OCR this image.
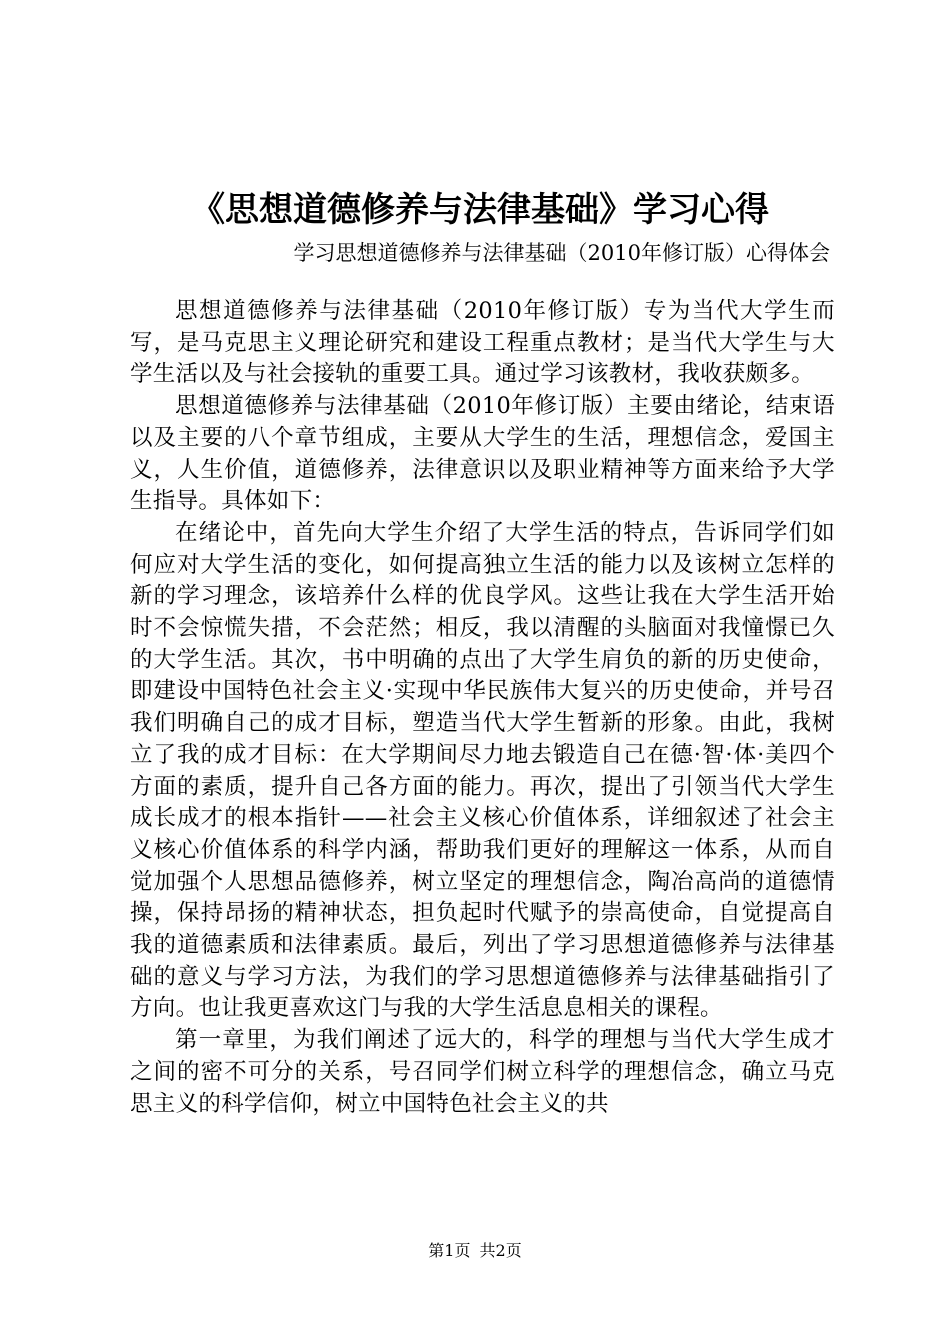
《思想道德修养与法律基础》学习心得

学习思想道德修养与法律基础（2010年修订版）心得体会

思想道德修养与法律基础（2010年修订版）专为当代大学生而写，是马克思主义理论研究和建设工程重点教材；是当代大学生与大学生活以及与社会接轨的重要工具。通过学习该教材，我收获颇多。

思想道德修养与法律基础（2010年修订版）主要由绪论，结束语以及主要的八个章节组成，主要从大学生的生活，理想信念，爱国主义，人生价值，道德修养，法律意识以及职业精神等方面来给予大学生指导。具体如下：

在绪论中，首先向大学生介绍了大学生活的特点，告诉同学们如何应对大学生活的变化，如何提高独立生活的能力以及该树立怎样的新的学习理念，该培养什么样的优良学风。这些让我在大学生活开始时不会惊慌失措，不会茫然；相反，我以清醒的头脑面对我憧憬已久的大学生活。其次，书中明确的点出了大学生肩负的新的历史使命，即建设中国特色社会主义·实现中华民族伟大复兴的历史使命，并号召我们明确自己的成才目标，塑造当代大学生暂新的形象。由此，我树立了我的成才目标：在大学期间尽力地去锻造自己在德·智·体·美四个方面的素质，提升自己各方面的能力。再次，提出了引领当代大学生成长成才的根本指针——社会主义核心价值体系，详细叙述了社会主义核心价值体系的科学内涵，帮助我们更好的理解这一体系，从而自觉加强个人思想品德修养，树立坚定的理想信念，陶冶高尚的道德情操，保持昂扬的精神状态，担负起时代赋予的崇高使命，自觉提高自我的道德素质和法律素质。最后，列出了学习思想道德修养与法律基础的意义与学习方法，为我们的学习思想道德修养与法律基础指引了方向。也让我更喜欢这门与我的大学生活息息相关的课程。

第一章里，为我们阐述了远大的，科学的理想与当代大学生成才之间的密不可分的关系，号召同学们树立科学的理想信念，确立马克思主义的科学信仰，树立中国特色社会主义的共

第1页 共2页
